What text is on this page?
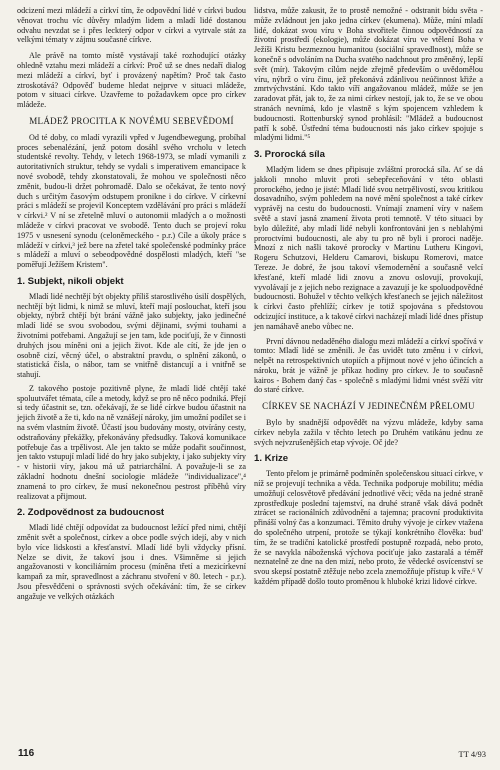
odcizení mezi mládeží a církví tím, že odpovědní lidé v církvi budou věnovat trochu víc důvěry mladým lidem a mladí lidé dostanou odvahu nevzdat se i přes leckterý odpor v církvi a vytrvale stát za velkými tématy v zájmu současné církve.

Ale právě na tomto místě vystávají také rozhodující otázky ohledně vztahu mezi mládeží a církví: Proč už se dnes nedaří dialog mezi mládeží a církví, byť i provázený napětím? Proč tak často ztroskotává? Odpověď budeme hledat nejprve v situaci mládeže, potom v situaci církve. Uzavřeme to požadavkem opce pro církev mládeže.

MLÁDEŽ PROCITLA K NOVÉMU SEBEVĚDOMÍ

Od té doby, co mladí vyrazili vpřed v Jugendbewegung, probíhal proces sebenalézání, jenž potom dosáhl svého vrcholu v letech studentské revolty. Tehdy, v letech 1968-1973, se mladí vymanili z autoritativních struktur, tehdy se vydali s imperativem emancipace k nové svobodě, tehdy zkonstatovali, že mohou ve společnosti něco změnit, budou-li držet pohromadě. Dalo se očekávat, že tento nový duch s určitým časovým odstupem pronikne i do církve. V církevní práci s mládeží se projevil Konceptem vzdělávání pro práci s mládeží v církvi.² V ní se zřetelně mluví o autonomii mladých a o možnosti mládeže v církvi pracovat ve svobodě. Tento duch se projeví roku 1975 v usnesení synodu (celoněmeckého - p.r.) Cíle a úkoly práce s mládeží v církvi,³ jež bere na zřetel také společenské podmínky práce s mládeží a mluví o sebeodpovědné dospělosti mladých, kteří "se pomĕřují Ježíšem Kristem".

1. Subjekt, nikoli objekt

Mladí lidé nechtějí být objekty příliš starostlivého úsilí dospělých, nechtějí být lidmi, k nimž se mluví, kteří mají poslouchat, kteří jsou objekty, nýbrž chtějí být brání vážně jako subjekty, jako jedinečné mladí lidé se svou svobodou, svými dějinami, svými touhami a životními potřebami. Angažují se jen tam, kde pociťují, že v činnosti druhých jsou míněni oni a jejich život. Kde ale cítí, že jde jen o osobně cizí, věcný účel, o abstraktní pravdu, o splnění zákonů, o statistická čísla, o nábor, tam se vnitřně distancují a i vnitřně se stahují.

Z takového postoje pozitivně plyne, že mladí lidé chtějí také spoluutvářet témata, cíle a metody, když se pro ně něco podniká. Přejí si tedy účastnit se, tzn. očekávají, že se lidé církve budou účastnit na jejich životě a že ti, kdo na ně vznášejí nároky, jim umožní podílet se i na svém vlastním životě. Účastí jsou budovány mosty, otvírány cesty, odstraňovány překážky, překonávány předsudky. Taková komunikace potřebuje čas a trpělivost. Ale jen takto se může podařit součinnost, jen takto vstupují mladí lidé do hry jako subjekty, i jako subjekty víry - v historii víry, jakou má už patriarchální. A považuje-li se za základní hodnotu dnešní sociologie mládeže "individualizace",⁴ znamená to pro církev, že musí nekonečnou pestrost příběhů víry realizovat a přijmout.

2. Zodpovědnost za budoucnost

Mladí lidé chtějí odpovídat za budoucnost ležící před nimi, chtějí změnit svět a společnost, církev a obce podle svých idejí, aby v nich bylo více lidskosti a křesťanství. Mladí lidé byli vždycky přísní. Nelze se divit, že takoví jsou i dnes. Všimněme si jejich angažovanosti v konciliárním procesu (míněna třetí a mezicírkevní kampaň za mír, spravedlnost a záchranu stvoření v 80. letech - p.r.). Jsou přesvědčeni o správnosti svých očekávání: tím, že se církev angažuje ve velkých otázkách

lidstva, může zakusit, že to prostě nemožné - odstranit bídu světa - může zvládnout jen jako jedna církev (ekumena). Může, míní mladí lidé, dokázat svou víru v Boha stvořitele činnou odpovědností za životní prostředí (ekologie), může dokázat víru ve vtělení Boha v Ježíši Kristu bezmeznou humanitou (sociální spravedlnost), může se konečně s odvoláním na Ducha svatého nadchnout pro změněný, lepší svět (mír). Takovým cílům nejde zřejmě především o uvědomělou víru, nýbrž o víru činu, jež překonává zdánlivou neúčinnost křiže a zmrtvýchvstání. Kdo takto víří angažovanou mládež, může se jen zaradovat přát, jak to, že za nimi církev nestojí, jak to, že se ve obou stranách nevnímá, kdo je vlastně s kým spojencem vzhledem k budoucnosti. Rottenburský synod prohlásil: "Mládež a budoucnost patří k sobě. Ústřední téma budoucnosti nás jako církev spojuje s mladými lidmi."⁵

3. Prorocká síla

Mladým lidem se dnes připisuje zvláštní prorocká síla. Ať se dá jakkoli mnoho mluvit proti sebepřeceňování v této oblasti prorockého, jedno je jisté: Mladí lidé svou netrpělivostí, svou kritikou dosavadního, svým pohledem na nové mění společnost a také církev vyprávěj na cestu do budoucnosti. Vnímají znamení víry v našem světě a staví jasná znamení života proti temnotě. V této situaci by bylo důležité, aby mladí lidé nebyli konfrontováni jen s neblahými proroctvími budoucnosti, ale aby tu pro ně byli i proroci naděje. Mnozí z nich našli takové prorocky v Martinu Lutheru Kingovi, Rogeru Schutzovi, Helderu Camarovi, biskupu Romerovi, matce Tereze. Je dobré, že jsou takoví všemodernění a současně velcí křesťané, kteří mladé lidi znovu a znovu oslovují, provokují, vyvolávají je z jejich nebo rezignace a zavazují je ke spoluodpovědné budoucnosti. Bohužel v těchto velkých křesťanech se jejich náležitost k církvi často přehlíží; církev je totiž spojována s předstovou odcizující instituce, a k takové církvi nacházejí mladí lidé dnes přístup jen namáhavě anebo vůbec ne.

První dávnou nedaděného dialogu mezi mládeží a církví spočívá v tomto: Mladí lidé se změnili. Je čas uvidět tuto změnu i v církvi, nelpět na retrospektivních utopiích a přijmout nové v jeho účincích a nároku, brát je vážně je příkaz hodiny pro církev. Je to současně kairos - Bohem daný čas - společně s mladými lidmi vnést svěží vítr do staré církve.

CÍRKEV SE NACHÁZÍ V JEDINEČNÉM PŘELOMU

Bylo by snadnější odpovědět na výzvu mládeže, kdyby sama církev nebyla zažila v těchto letech po Druhém vatikánu jednu ze svých nejvzrušenějších etap vývoje. Oč jde?

1. Krize

Tento přelom je primárně podmíněn společenskou situací církve, v níž se projevují technika a věda. Technika podporuje mobilitu; média umožňují celosvětově předávání jednotlivé věci; věda na jedné straně zprostředkuje poslední tajemství, na druhé straně však dává podnět ztrácet se racionálních zdůvodnění a tajemna; pracovní produktivita přináší volný čas a konzumaci. Těmito druhy vývoje je církev vtažena do společného utrpení, protože se týkají konkrétního člověka: bud' tím, že se tradiční katolické prostředí postupně rozpadá, nebo proto, že se navykla náboženská výchova pociťuje jako zastaralá a téměř neznatelně ze dne na den mizí, nebo proto, že vědecké osvícenství se svou skepsí postatně ztěžuje nebo zcela znemožňuje přístup k víře.⁶ V každém případě došlo touto proměnou k hluboké krizi lidové církve.

116	TT 4/93
